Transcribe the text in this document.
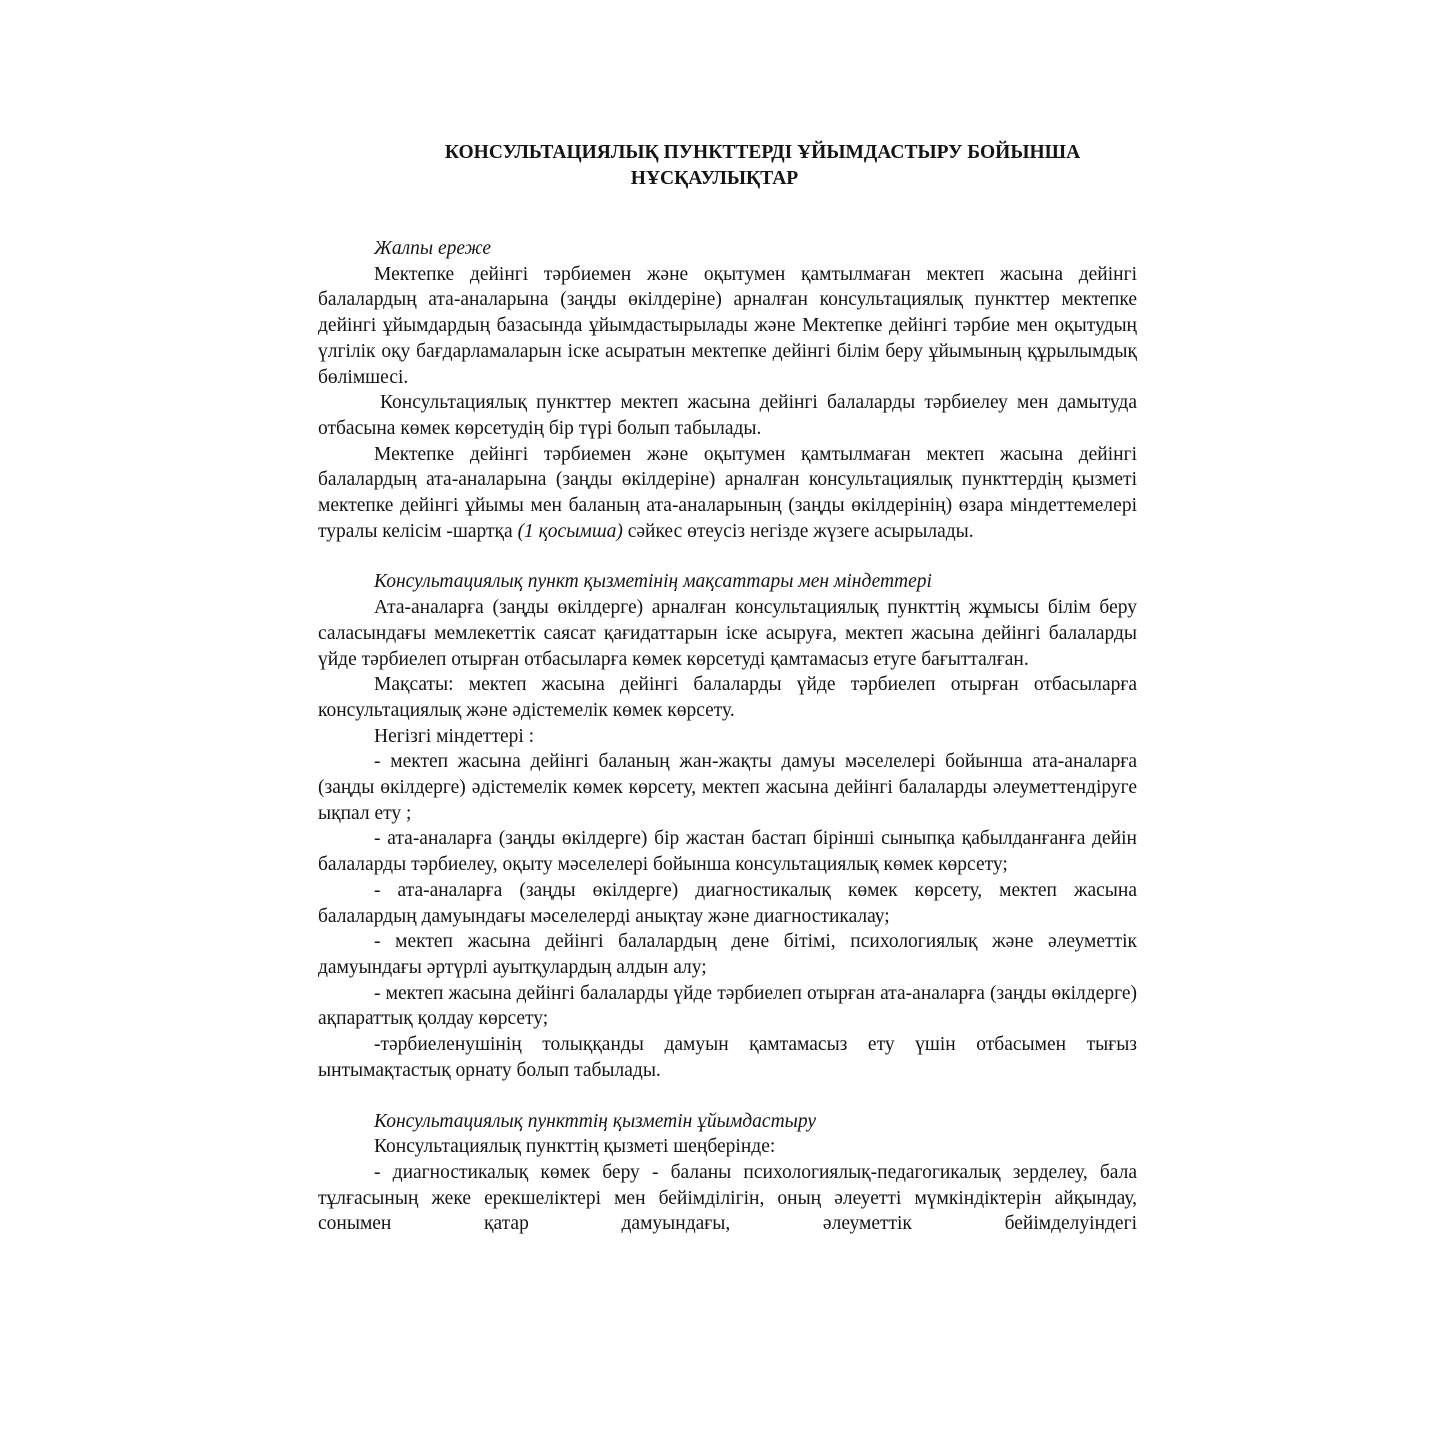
КОНСУЛЬТАЦИЯЛЫҚ ПУНКТТЕРДІ ҰЙЫМДАСТЫРУ БОЙЫНША
НҰСҚАУЛЫҚТАР

Жалпы ереже

Мектепке дейінгі тәрбиемен және оқытумен қамтылмаған мектеп жасына дейінгі балалардың ата-аналарына (заңды өкілдеріне) арналған консультациялық пункттер мектепке дейінгі ұйымдардың базасында ұйымдастырылады және Мектепке дейінгі тәрбие мен оқытудың үлгілік оқу бағдарламаларын іске асыратын мектепке дейінгі білім беру ұйымының құрылымдық бөлімшесі.

Консультациялық пункттер мектеп жасына дейінгі балаларды тәрбиелеу мен дамытуда отбасына көмек көрсетудің бір түрі болып табылады.

Мектепке дейінгі тәрбиемен және оқытумен қамтылмаған мектеп жасына дейінгі балалардың ата-аналарына (заңды өкілдеріне) арналған консультациялық пункттердің қызметі мектепке дейінгі ұйымы мен баланың ата-аналарының (заңды өкілдерінің) өзара міндеттемелері туралы келісім -шартқа (1 қосымша) сәйкес өтеусіз негізде жүзеге асырылады.

Консультациялық пункт қызметінің мақсаттары мен міндеттері

Ата-аналарға (заңды өкілдерге) арналған консультациялық пункттің жұмысы білім беру саласындағы мемлекеттік саясат қағидаттарын іске асыруға, мектеп жасына дейінгі балаларды үйде тәрбиелеп отырған отбасыларға көмек көрсетуді қамтамасыз етуге бағытталған.

Мақсаты: мектеп жасына дейінгі балаларды үйде тәрбиелеп отырған отбасыларға консультациялық және әдістемелік көмек көрсету.

Негізгі міндеттері :

- мектеп жасына дейінгі баланың жан-жақты дамуы мәселелері бойынша ата-аналарға (заңды өкілдерге) әдістемелік көмек көрсету, мектеп жасына дейінгі балаларды әлеуметтендіруге ықпал ету ;

- ата-аналарға (заңды өкілдерге) бір жастан бастап бірінші сыныпқа қабылданғанға дейін балаларды тәрбиелеу, оқыту мәселелері бойынша консультациялық көмек көрсету;

- ата-аналарға (заңды өкілдерге) диагностикалық көмек көрсету, мектеп жасына балалардың дамуындағы мәселелерді анықтау және диагностикалау;

- мектеп жасына дейінгі балалардың дене бітімі, психологиялық және әлеуметтік дамуындағы әртүрлі ауытқулардың алдын алу;

- мектеп жасына дейінгі балаларды үйде тәрбиелеп отырған ата-аналарға (заңды өкілдерге) ақпараттық қолдау көрсету;

-тәрбиеленушінің толыққанды дамуын қамтамасыз ету үшін отбасымен тығыз ынтымақтастық орнату болып табылады.

Консультациялық пункттің қызметін ұйымдастыру

Консультациялық пункттің қызметі шеңберінде:

- диагностикалық көмек беру - баланы психологиялық-педагогикалық зерделеу, бала тұлғасының жеке ерекшеліктері мен бейімділігін, оның әлеуетті мүмкіндіктерін айқындау, сонымен қатар дамуындағы, әлеуметтік бейімделуіндегі
